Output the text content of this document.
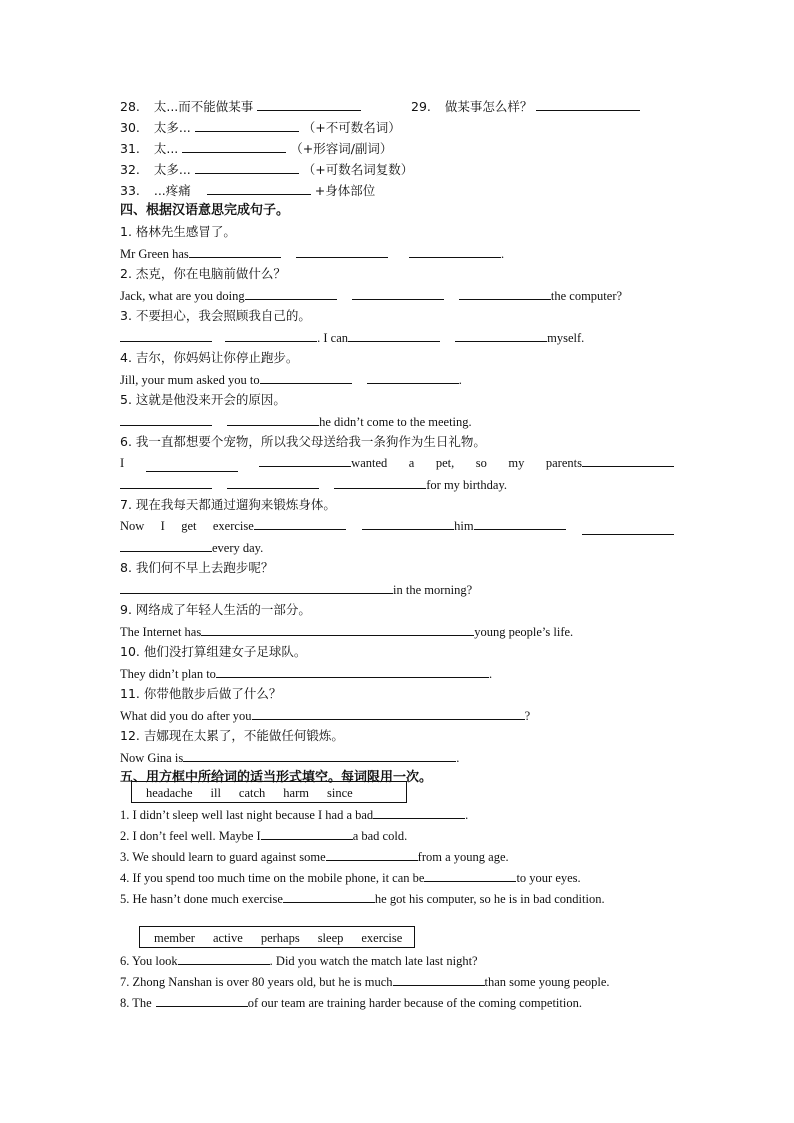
28. 太...而不能做某事	29. 做某事怎么样？
30. 太多...	（+不可数名词）
31. 太...	（+形容词/副词）
32. 太多...	（+可数名词复数）
33. ...疼痛	+身体部位
四、根据汉语意思完成句子。
1. 格林先生感冒了。
Mr Green has	.
2. 杰克，你在电脑前做什么？
Jack, what are you doing	the computer?
3. 不要担心，我会照顾我自己的。
. I can	myself.
4. 吉尔，你妈妈让你停止跑步。
Jill, your mum asked you to	.
5. 这就是他没来开会的原因。
he didn’t come to the meeting.
6. 我一直都想要个宠物，所以我父母送给我一条狗作为生日礼物。
I	wanted a pet, so my parents
for my birthday.
7. 现在我每天都通过遛狗来锻炼身体。
Now I get exercise	him
every day.
8. 我们何不早上去跑步呢？
in the morning?
9. 网络成了年轻人生活的一部分。
The Internet has	young people’s life.
10. 他们没打算组建女子足球队。
They didn’t plan to	.
11. 你带他散步后做了什么？
What did you do after you	?
12. 吉娜现在太累了，不能做任何锻炼。
Now Gina is	.
五、用方框中所给词的适当形式填空。每词限用一次。
headache ill catch harm since
1. I didn’t sleep well last night because I had a bad	.
2. I don’t feel well. Maybe I	a bad cold.
3. We should learn to guard against some	from a young age.
4. If you spend too much time on the mobile phone, it can be	to your eyes.
5. He hasn’t done much exercise	he got his computer, so he is in bad condition.
member active perhaps sleep exercise
6. You look	. Did you watch the match late last night?
7. Zhong Nanshan is over 80 years old, but he is much	than some young people.
8. The	of our team are training harder because of the coming competition.
